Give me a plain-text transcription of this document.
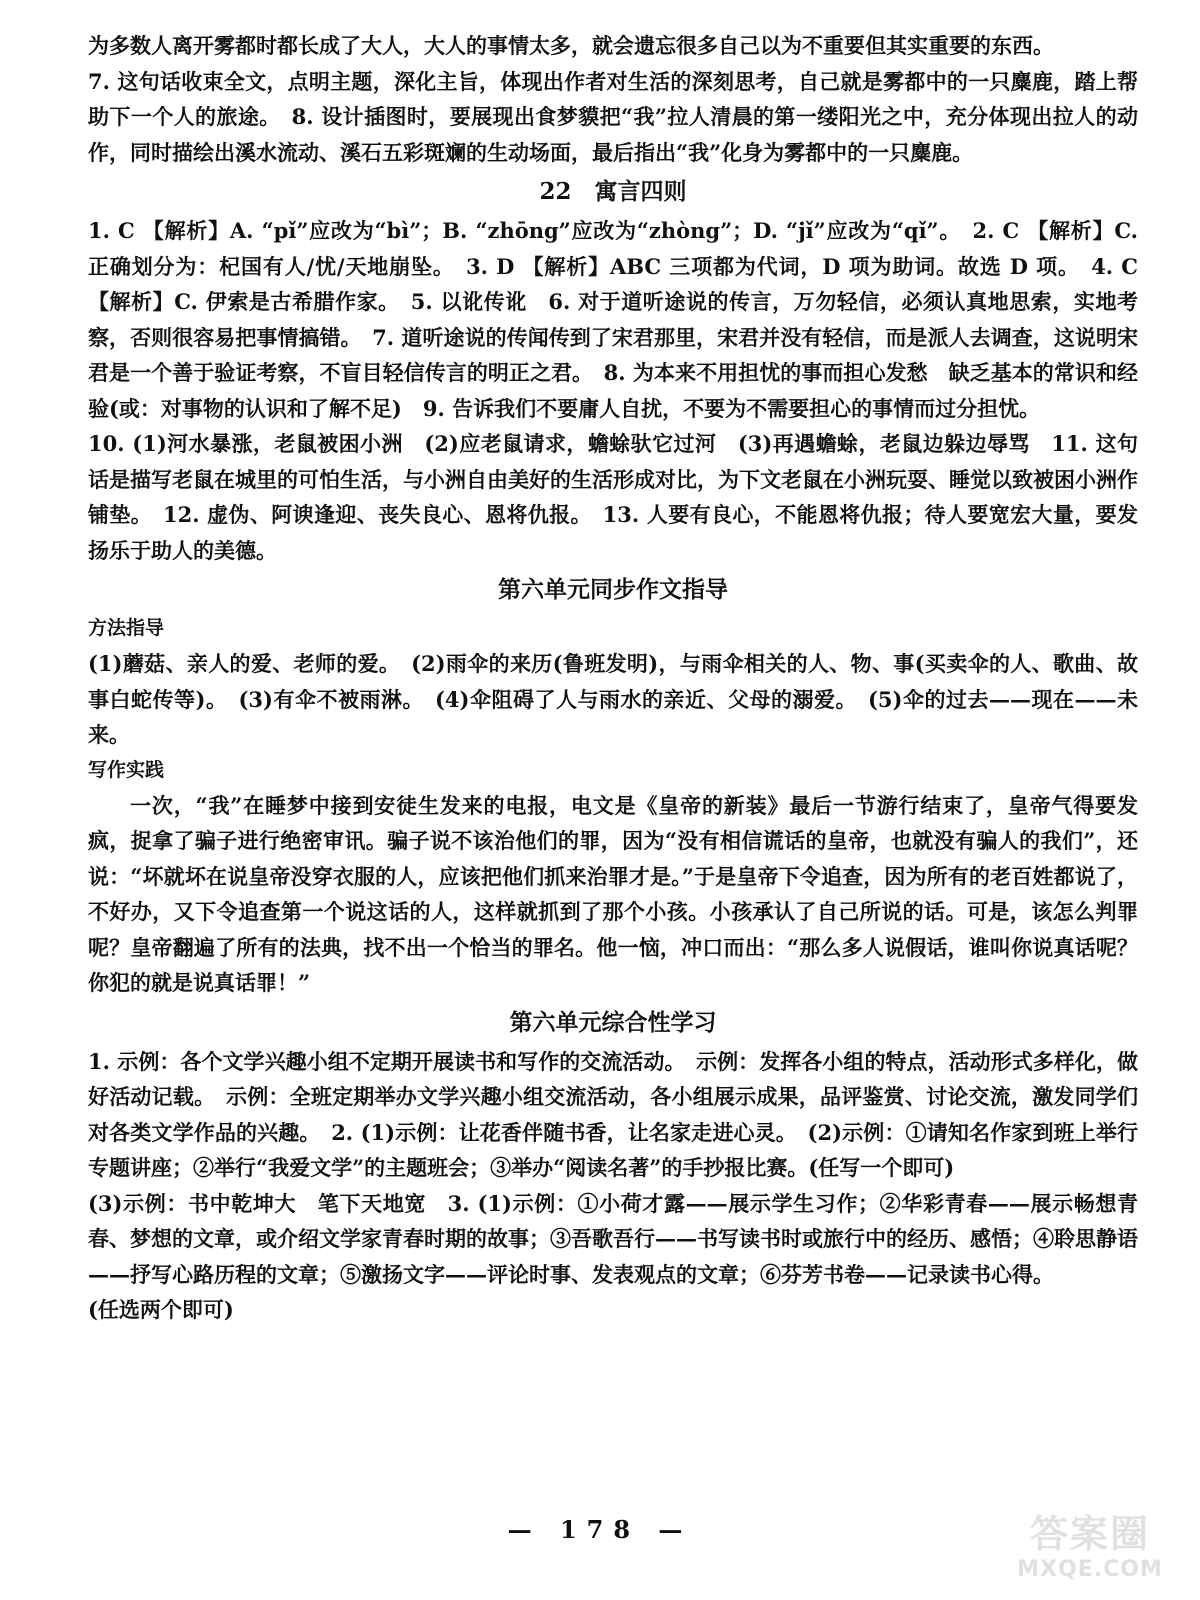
为多数人离开雾都时都长成了大人，大人的事情太多，就会遗忘很多自己以为不重要但其实重要的东西。

7. 这句话收束全文，点明主题，深化主旨，体现出作者对生活的深刻思考，自己就是雾都中的一只麋鹿，踏上帮助下一个人的旅途。　8. 设计插图时，要展现出食梦貘把“我”拉人清晨的第一缕阳光之中，充分体现出拉人的动作，同时描绘出溪水流动、溪石五彩斑斓的生动场面，最后指出“我”化身为雾都中的一只麋鹿。

22　寓言四则

1. C 【解析】A. “pǐ”应改为“bì”；B. “zhōng”应改为“zhòng”；D. “jǐ”应改为“qǐ”。　2. C 【解析】C. 正确划分为：杞国有人/忧/天地崩坠。　3. D 【解析】ABC 三项都为代词，D 项为助词。故选 D 项。　4. C 【解析】C. 伊索是古希腊作家。　5. 以讹传讹　6. 对于道听途说的传言，万勿轻信，必须认真地思索，实地考察，否则很容易把事情搞错。　7. 道听途说的传闻传到了宋君那里，宋君并没有轻信，而是派人去调查，这说明宋君是一个善于验证考察，不盲目轻信传言的明正之君。　8. 为本来不用担忧的事而担心发愁　缺乏基本的常识和经验(或：对事物的认识和了解不足)　9. 告诉我们不要庸人自扰，不要为不需要担心的事情而过分担忧。

10. (1)河水暴涨，老鼠被困小洲　(2)应老鼠请求，蟾蜍驮它过河　(3)再遇蟾蜍，老鼠边躲边辱骂　11. 这句话是描写老鼠在城里的可怕生活，与小洲自由美好的生活形成对比，为下文老鼠在小洲玩耍、睡觉以致被困小洲作铺垫。　12. 虚伪、阿谀逢迎、丧失良心、恩将仇报。　13. 人要有良心，不能恩将仇报；待人要宽宏大量，要发扬乐于助人的美德。

第六单元同步作文指导

方法指导

(1)蘑菇、亲人的爱、老师的爱。　(2)雨伞的来历(鲁班发明)，与雨伞相关的人、物、事(买卖伞的人、歌曲、故事白蛇传等)。　(3)有伞不被雨淋。　(4)伞阻碍了人与雨水的亲近、父母的溺爱。　(5)伞的过去——现在——未来。

写作实践

一次，“我”在睡梦中接到安徒生发来的电报，电文是《皇帝的新装》最后一节游行结束了，皇帝气得要发疯，捉拿了骗子进行绝密审讯。骗子说不该治他们的罪，因为“没有相信谎话的皇帝，也就没有骗人的我们”，还说：“坏就坏在说皇帝没穿衣服的人，应该把他们抓来治罪才是。”于是皇帝下令追查，因为所有的老百姓都说了，不好办，又下令追查第一个说这话的人，这样就抓到了那个小孩。小孩承认了自己所说的话。可是，该怎么判罪呢？皇帝翻遍了所有的法典，找不出一个恰当的罪名。他一恼，冲口而出：“那么多人说假话，谁叫你说真话呢？你犯的就是说真话罪！”

第六单元综合性学习

1. 示例：各个文学兴趣小组不定期开展读书和写作的交流活动。　示例：发挥各小组的特点，活动形式多样化，做好活动记载。　示例：全班定期举办文学兴趣小组交流活动，各小组展示成果，品评鉴赏、讨论交流，激发同学们对各类文学作品的兴趣。　2. (1)示例：让花香伴随书香，让名家走进心灵。　(2)示例：①请知名作家到班上举行专题讲座；②举行“我爱文学”的主题班会；③举办“阅读名著”的手抄报比赛。(任写一个即可)

(3)示例：书中乾坤大　笔下天地宽　3. (1)示例：①小荷才露——展示学生习作；②华彩青春——展示畅想青春、梦想的文章，或介绍文学家青春时期的故事；③吾歌吾行——书写读书时或旅行中的经历、感悟；④聆思静语——抒写心路历程的文章；⑤激扬文字——评论时事、发表观点的文章；⑥芬芳书卷——记录读书心得。

(任选两个即可)

— 178 —	答案圈
MXQE.COM
